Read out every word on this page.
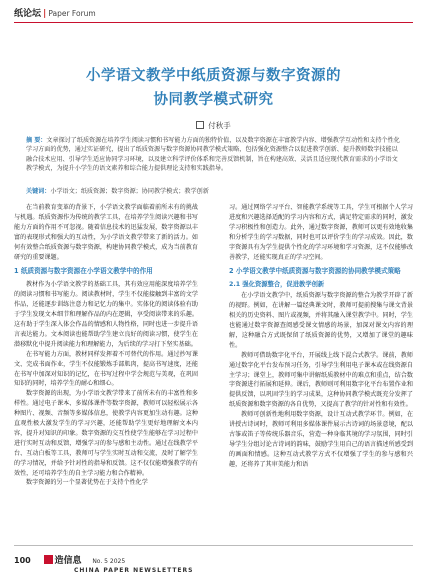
纸论坛 | Paper Forum
小学语文教学中纸质资源与数字资源的
协同教学模式研究
付秋手
摘 要：文章探讨了纸质资源在培养学生阅读习惯和书写能力方面的独特价值，以及数字资源在丰富教学内容、增强教学互动性和支持个性化学习方面的优势，通过实证研究，提出了纸质资源与数字资源协同教学模式策略，包括强化资源整合以促进教学创新、提升教师数字技能以融合技术应用、引导学生适应协同学习环境，以及建立科学评价体系和完善反馈机制，旨在构建高效、灵活且适应现代教育需求的小学语文教学模式，为提升小学生的语文素养和综合能力提供理论支持和实践指导。
关键词：小学语文；纸质资源；数字资源；协同教学模式；教学创新

在当前教育变革的背景下，小学语文教学面临着前所未有的挑战与机遇。纸质资源作为传统的教学工具，在培养学生阅读兴趣和书写能力方面的作用不可忽视。随着信息技术的迅猛发展，数字资源以丰富的表现形式和强大的互动性，为小学语文教学带来了新的活力。如何有效整合纸质资源与数字资源，构建协同教学模式，成为当前教育研究的重要课题。

1 纸质资源与数字资源在小学语文教学中的作用

教材作为小学语文教学的基础工具，其有效应用能深度培养学生的阅读习惯和书写能力。阅读教材时，学生不仅能接触到丰富的文学作品，还能逐步训练注意力和记忆力的集中。实体化的阅读体验有助于学生发现文本细节和理解作品的内在逻辑，享受阅读带来的乐趣。这有助于学生深入体会作品的情感和人物性格，同时也进一步提升语言表达能力。文本阅读也能帮助学生建立良好的阅读习惯，使学生在潜移默化中提升阅读能力和理解能力，为后续的学习打下坚实基础。

在书写能力方面，教材同样发挥着不可替代的作用。通过抄写课文、完成书面作业，学生不仅能锻炼手部肌肉，提高书写速度，还能在书写中加深对知识的记忆，在书写过程中学会规范与美观，在巩固知识的同时，培养学生的耐心和细心。

数字资源的出现，为小学语文教学带来了前所未有的丰富性和多样性。通过电子课本、多媒体课件等数字资源，教师可以轻松展示各种图片、视频、音频等多媒体信息，使教学内容更加生动有趣。这种直观性极大激发学生的学习兴趣，还能帮助学生更好地理解文本内容，提升对知识的印象。数字资源的交互性使学生能够在学习过程中进行实时互动和反馈，增强学习的参与感和主动性。通过在线教学平台、互动白板等工具，教师可与学生实时互动和交流，及时了解学生的学习情况，并给予针对性的指导和反馈。这不仅仅能增强教学的有效性，还可培养学生的自主学习能力和合作精神。

数字资源的另一个显著优势在于支持个性化学

习。通过网络学习平台、智能教学系统等工具，学生可根据个人学习进度和兴趣选择适配的学习内容和方式，满足特定需求的同时，激发学习积极性和创造力。此外，通过数字资源，教师可以更有效地收集和分析学生的学习数据，同时也可以评价学生的学习成效。因此，数字资源具有为学生提供个性化的学习环境和学习资源，这不仅能够改善教学，还能实现真正的学习空间。

2 小学语文教学中纸质资源与数字资源的协同教学模式策略
2.1 强化资源整合，促进教学创新

在小学语文教学中，纸质资源与数字资源的整合为教学开辟了新的视野。例如，在讲解一篇经典课文时，教师可提前搜集与课文背景相关的历史资料、图片或视频，并将其融入课堂教学中。同时，学生也能通过数字资源查阅感受课文情感的场景，加深对课文内容的理解，这种融合方式既保留了纸质资源的优势，又增加了课堂的趣味性。

教师可借助数字化平台，开展线上线下混合式教学。课前，教师通过数字化平台发布预习任务，引导学生利用电子课本或在线资源自主学习；课堂上，教师可集中讲解纸质教材中的难点和重点，结合数字资源进行拓展和延伸。课后，教师则可利用数字化平台布置作业和提供反馈，以巩固学生的学习成果，这种协同教学模式既充分发挥了纸质资源和数字资源的各自优势，又提高了教学的针对性和有效性。

教师可创新性地利用数字资源，设计互动式教学环节。例如，在讲授古诗词时，教师可利用多媒体课件展示古诗词的场景意境，配以古筝或笛子等传统乐器音乐，营造一种身临其境的学习氛围，同时引导学生分组讨论古诗词的韵味，鼓励学生用自己的语言描述所感受到的画面和情感。这种互动式教学方式不仅增强了学生的参与感和兴趣，还将养了其审美能力和语

100	造信息 No. 5 2025
CHINA PAPER NEWSLETTERS
